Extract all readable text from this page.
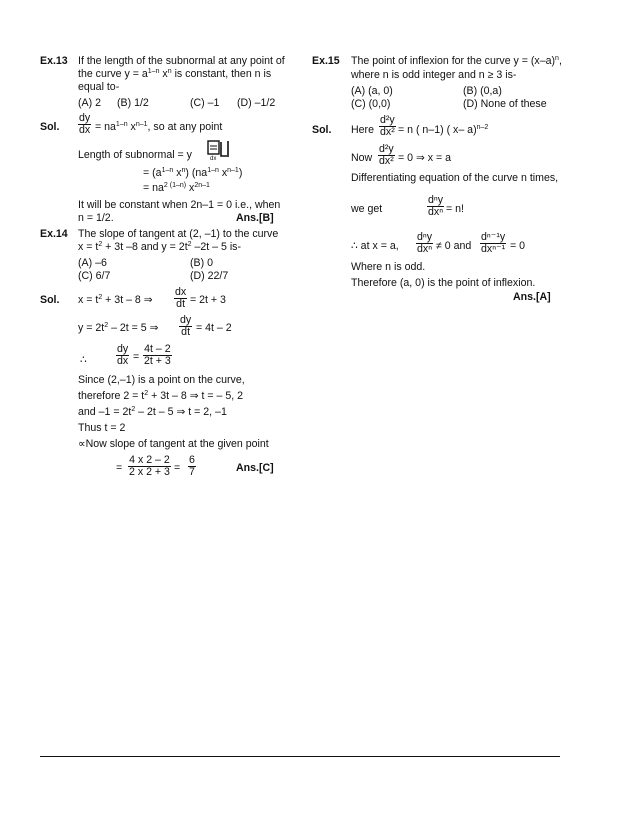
Ex.13 If the length of the subnormal at any point of
the curve $y = a^{1-n}$ $x^n$ is constant, then n is
equal to-
(A) 2 (B) 1/2	(C) –1 (D) –1/2
Sol. $\frac{dy}{dx} = na^{1-n}$ $x^{n-1}$, so at any point
Length of subnormal = y	dx
= ($a^{1-n}$ $x^n$) ($na^{1-n}$ $x^{n-1}$)
= $na^{2 (1-n)}$ $x^{2n-1}$
It will be constant when 2n–1 = 0 i.e., when
n = 1/2.	Ans.[B]
Ex.14 The slope of tangent at (2, –1) to the curve
$x = t^2 + 3t$ –8 and $y = 2t^2$ –2t – 5 is-
(A) –6	(B) 0
(C) 6/7	(D) 22/7
Sol. $x = t^2 + 3t - 8$ ⇒ $\frac{dx}{dt} = 2t + 3$
$y = 2t^2 - 2t = 5$ ⇒ $\frac{dy}{dt} = 4t - 2$
∴	$\frac{dy}{dx} = \frac{4t - 2}{2t + 3}$
Since (2,–1) is a point on the curve,
therefore $2 = t^2 + 3t - 8$ ⇒ t = – 5, 2
and $-1 = 2t^2 - 2t - 5$ ⇒ t = 2, –1
Thus t = 2
∝Now slope of tangent at the given point
= $\frac{4 x 2 - 2}{2 x 2 + 3} = \frac{6}{7}$	Ans.[C]
Ex.15 The point of inflexion for the curve $y = (x-a)^n$,
where n is odd integer and n ≥ 3 is-
(A) (a, 0)	(B) (0,a)
(C) (0,0)	(D) None of these
Sol. Here $\frac{\text{d²y}}{\text{dx²}} = n$ ( n–1) ( x– a)$^{n-2}$
Now $\frac{\text{d²y}}{\text{dx²}} = 0$ ⇒ x = a
Differentiating equation of the curve n times,
we get
dⁿy
dxⁿ = n!
∴ at x = a,
dⁿy
dxⁿ ≠ 0 and
dⁿ⁻¹y
dxⁿ⁻¹ = 0
Where n is odd.
Therefore (a, 0) is the point of inflexion.
Ans.[A]
